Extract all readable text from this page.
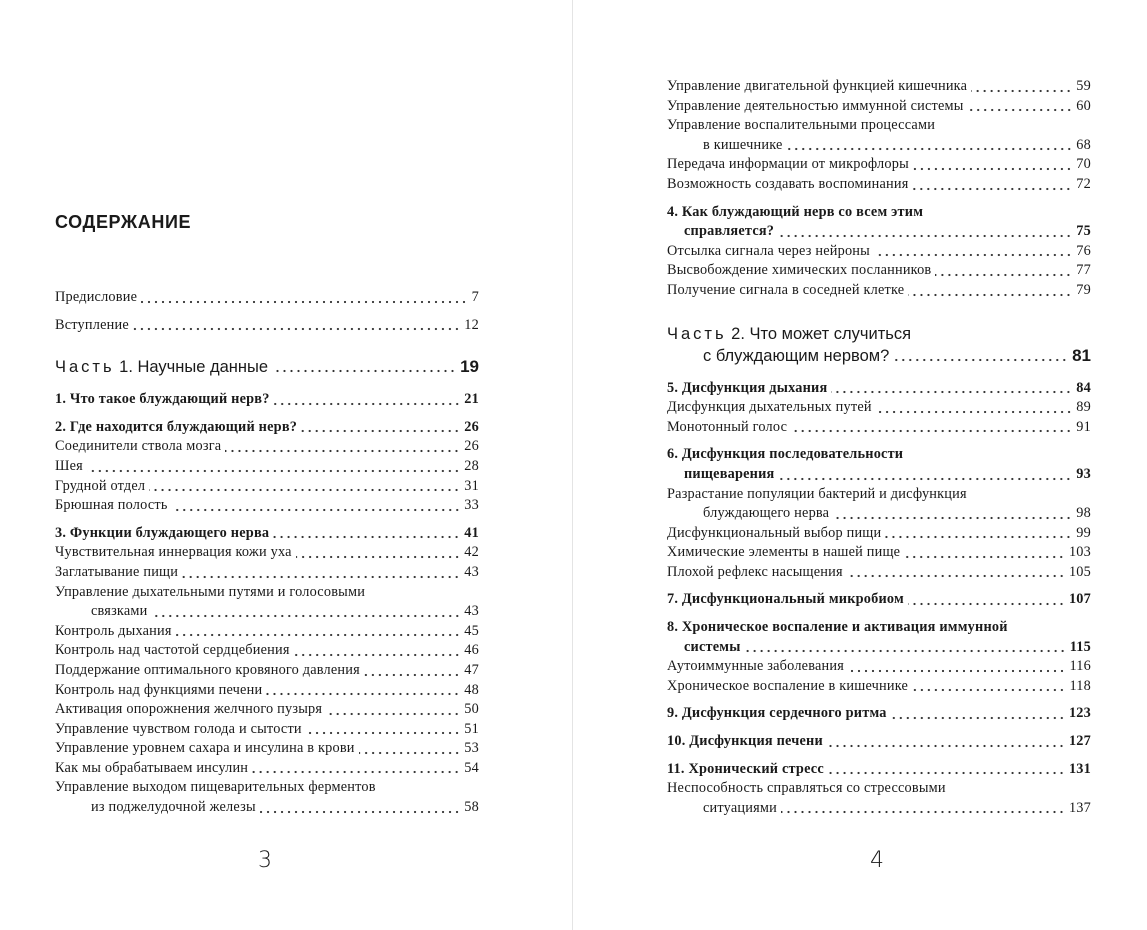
СОДЕРЖАНИЕ
Предисловие	7
Вступление	12
Часть 1. Научные данные	19
1. Что такое блуждающий нерв?	21
2. Где находится блуждающий нерв?	26
Соединители ствола мозга	26
Шея	28
Грудной отдел	31
Брюшная полость	33
3. Функции блуждающего нерва	41
Чувствительная иннервация кожи уха	42
Заглатывание пищи	43
Управление дыхательными путями и голосовыми
связками	43
Контроль дыхания	45
Контроль над частотой сердцебиения	46
Поддержание оптимального кровяного давления	47
Контроль над функциями печени	48
Активация опорожнения желчного пузыря	50
Управление чувством голода и сытости	51
Управление уровнем сахара и инсулина в крови	53
Как мы обрабатываем инсулин	54
Управление выходом пищеварительных ферментов
из поджелудочной железы	58
3
Управление двигательной функцией кишечника	59
Управление деятельностью иммунной системы	60
Управление воспалительными процессами
в кишечнике	68
Передача информации от микрофлоры	70
Возможность создавать воспоминания	72
4. Как блуждающий нерв со всем этим
справляется?	75
Отсылка сигнала через нейроны	76
Высвобождение химических посланников	77
Получение сигнала в соседней клетке	79
Часть 2. Что может случиться
с блуждающим нервом?	81
5. Дисфункция дыхания	84
Дисфункция дыхательных путей	89
Монотонный голос	91
6. Дисфункция последовательности
пищеварения	93
Разрастание популяции бактерий и дисфункция
блуждающего нерва	98
Дисфункциональный выбор пищи	99
Химические элементы в нашей пище	103
Плохой рефлекс насыщения	105
7. Дисфункциональный микробиом	107
8. Хроническое воспаление и активация иммунной
системы	115
Аутоиммунные заболевания	116
Хроническое воспаление в кишечнике	118
9. Дисфункция сердечного ритма	123
10. Дисфункция печени	127
11. Хронический стресс	131
Неспособность справляться со стрессовыми
ситуациями	137
4
